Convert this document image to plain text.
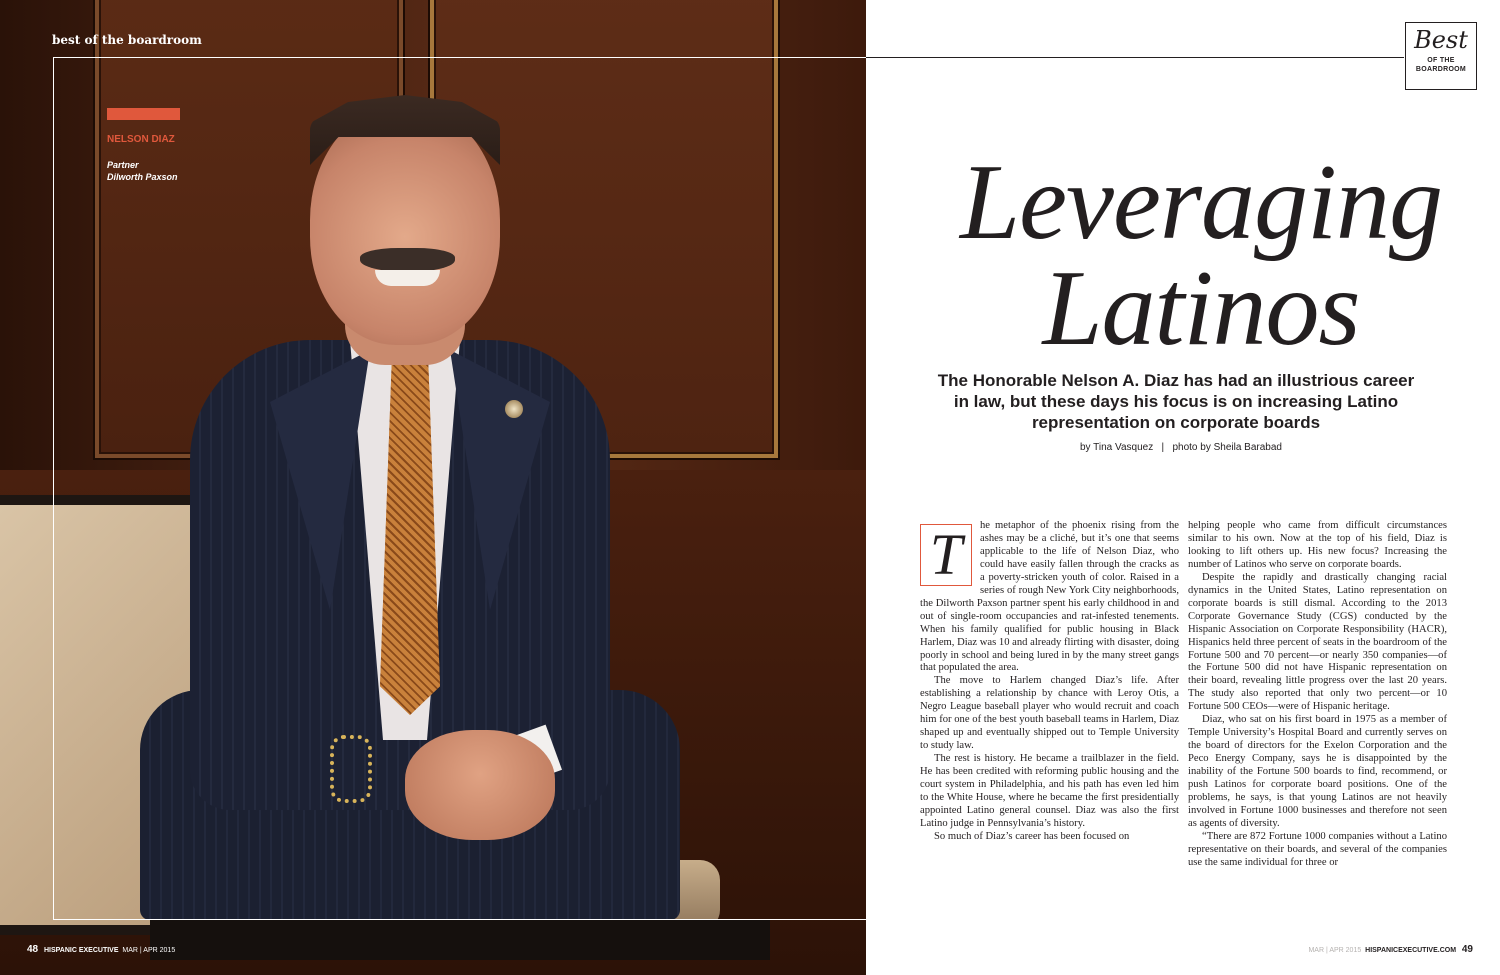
best of the boardroom
NELSON DIAZ
Partner
Dilworth Paxson
48 HISPANIC EXECUTIVE MAR | APR 2015
Best
OF THE BOARDROOM
Leveraging
Latinos
The Honorable Nelson A. Diaz has had an illustrious career in law, but these days his focus is on increasing Latino representation on corporate boards
by Tina Vasquez   |   photo by Sheila Barabad
T	he metaphor of the phoenix rising from the ashes may be a cliché, but it’s one that seems applicable to the life of Nelson Diaz, who could have easily fallen through the cracks as a poverty-stricken youth of color. Raised in a series of rough New York City neighborhoods, the Dilworth Paxson partner spent his early childhood in and out of single-room occupancies and rat-infested tenements. When his family qualified for public housing in Black Harlem, Diaz was 10 and already flirting with disaster, doing poorly in school and being lured in by the many street gangs that populated the area.

The move to Harlem changed Diaz’s life. After establishing a relationship by chance with Leroy Otis, a Negro League baseball player who would recruit and coach him for one of the best youth baseball teams in Harlem, Diaz shaped up and eventually shipped out to Temple University to study law.

The rest is history. He became a trailblazer in the field. He has been credited with reforming public housing and the court system in Philadelphia, and his path has even led him to the White House, where he became the first presidentially appointed Latino general counsel. Diaz was also the first Latino judge in Pennsylvania’s history.

So much of Diaz’s career has been focused on

helping people who came from difficult circumstances similar to his own. Now at the top of his field, Diaz is looking to lift others up. His new focus? Increasing the number of Latinos who serve on corporate boards.

Despite the rapidly and drastically changing racial dynamics in the United States, Latino representation on corporate boards is still dismal. According to the 2013 Corporate Governance Study (CGS) conducted by the Hispanic Association on Corporate Responsibility (HACR), Hispanics held three percent of seats in the boardroom of the Fortune 500 and 70 percent—or nearly 350 companies—of the Fortune 500 did not have Hispanic representation on their board, revealing little progress over the last 20 years. The study also reported that only two percent—or 10 Fortune 500 CEOs—were of Hispanic heritage.

Diaz, who sat on his first board in 1975 as a member of Temple University’s Hospital Board and currently serves on the board of directors for the Exelon Corporation and the Peco Energy Company, says he is disappointed by the inability of the Fortune 500 boards to find, recommend, or push Latinos for corporate board positions. One of the problems, he says, is that young Latinos are not heavily involved in Fortune 1000 businesses and therefore not seen as agents of diversity.

“There are 872 Fortune 1000 companies without a Latino representative on their boards, and several of the companies use the same individual for three or

MAR | APR 2015 HISPANICEXECUTIVE.COM 49
